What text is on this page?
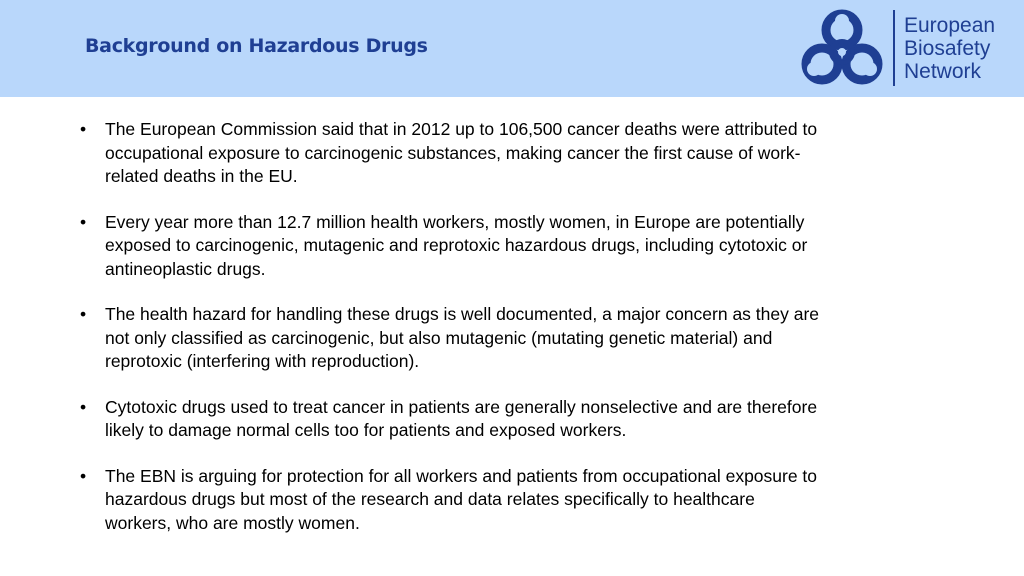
Background on Hazardous Drugs
European
Biosafety
Network
• The European Commission said that in 2012 up to 106,500 cancer deaths were attributed to occupational exposure to carcinogenic substances, making cancer the first cause of work-related deaths in the EU.
• Every year more than 12.7 million health workers, mostly women, in Europe are potentially exposed to carcinogenic, mutagenic and reprotoxic hazardous drugs, including cytotoxic or antineoplastic drugs.
• The health hazard for handling these drugs is well documented, a major concern as they are not only classified as carcinogenic, but also mutagenic (mutating genetic material) and reprotoxic (interfering with reproduction).
• Cytotoxic drugs used to treat cancer in patients are generally nonselective and are therefore likely to damage normal cells too for patients and exposed workers.
• The EBN is arguing for protection for all workers and patients from occupational exposure to hazardous drugs but most of the research and data relates specifically to healthcare workers, who are mostly women.
